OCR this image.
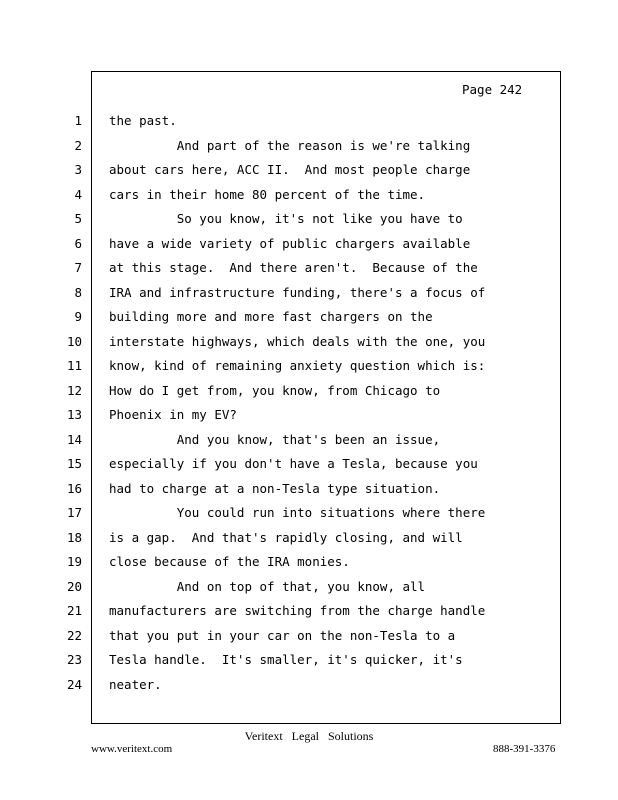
Page 242
1
2
3
4
5
6
7
8
9
10
11
12
13
14
15
16
17
18
19
20
21
22
23
24
the past.
And part of the reason is we're talking
about cars here, ACC II.  And most people charge
cars in their home 80 percent of the time.
So you know, it's not like you have to
have a wide variety of public chargers available
at this stage.  And there aren't.  Because of the
IRA and infrastructure funding, there's a focus of
building more and more fast chargers on the
interstate highways, which deals with the one, you
know, kind of remaining anxiety question which is:
How do I get from, you know, from Chicago to
Phoenix in my EV?
And you know, that's been an issue,
especially if you don't have a Tesla, because you
had to charge at a non-Tesla type situation.
You could run into situations where there
is a gap.  And that's rapidly closing, and will
close because of the IRA monies.
And on top of that, you know, all
manufacturers are switching from the charge handle
that you put in your car on the non-Tesla to a
Tesla handle.  It's smaller, it's quicker, it's
neater.
Veritext Legal Solutions
www.veritext.com	888-391-3376
